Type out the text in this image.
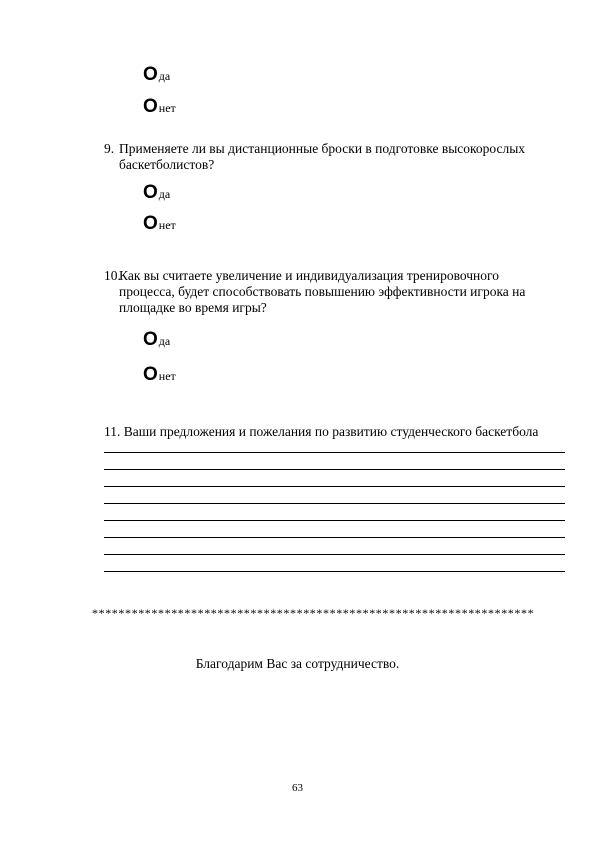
Oда
Oнет
9. Применяете ли вы дистанционные броски в подготовке высокорослых
баскетболистов?
Oда
Oнет
10.
Как вы считаете увеличение и индивидуализация тренировочного
процесса, будет способствовать повышению эффективности игрока на
площадке во время игры?
Oда
Oнет
11. Ваши предложения и пожелания по развитию студенческого баскетбола
*******************************************************************
Благодарим Вас за сотрудничество.
63
